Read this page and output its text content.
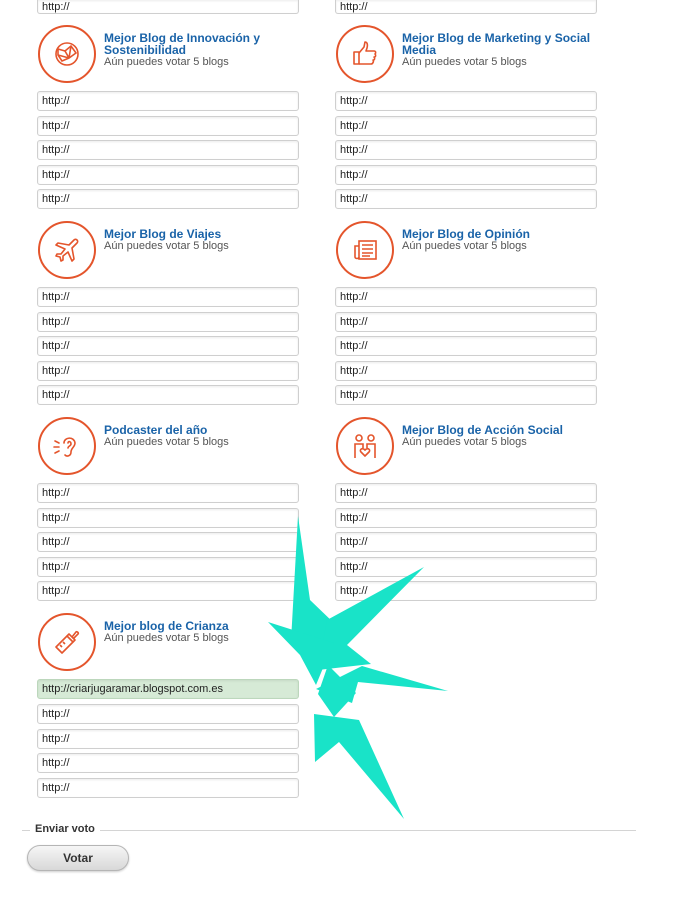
http://
http://
Mejor Blog de Innovación y Sostenibilidad
Aún puedes votar 5 blogs
http://
http://
http://
http://
http://
Mejor Blog de Marketing y Social Media
Aún puedes votar 5 blogs
http://
http://
http://
http://
http://
Mejor Blog de Viajes
Aún puedes votar 5 blogs
http://
http://
http://
http://
http://
Mejor Blog de Opinión
Aún puedes votar 5 blogs
http://
http://
http://
http://
http://
Podcaster del año
Aún puedes votar 5 blogs
http://
http://
http://
http://
http://
Mejor Blog de Acción Social
Aún puedes votar 5 blogs
http://
http://
http://
http://
http://
Mejor blog de Crianza
Aún puedes votar 5 blogs
http://criarjugaramar.blogspot.com.es
http://
http://
http://
http://
Enviar voto
Votar
